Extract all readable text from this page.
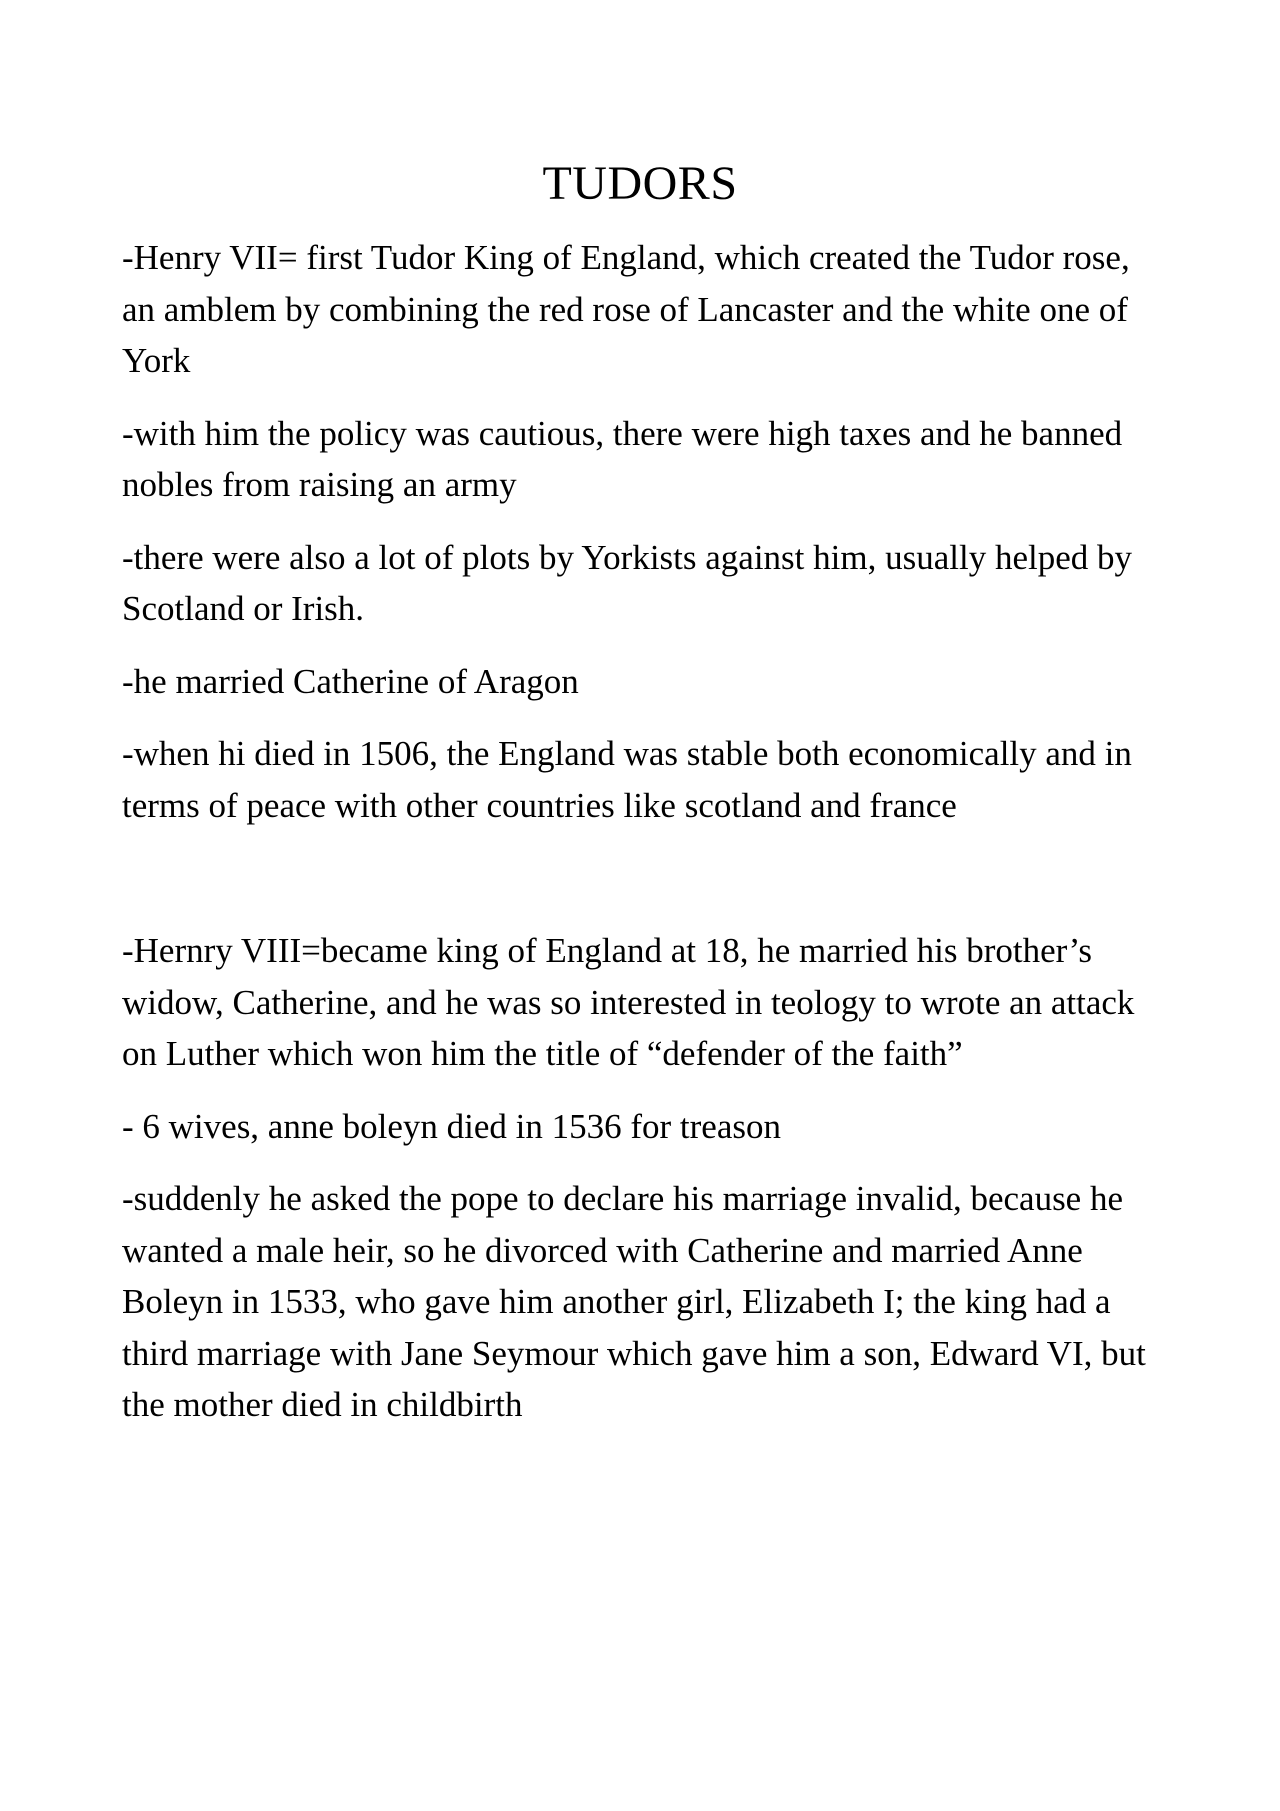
TUDORS

-Henry VII= first Tudor King of England, which created the Tudor rose, an amblem by combining the red rose of Lancaster and the white one of York

-with him the policy was cautious, there were high taxes and he banned nobles from raising an army

-there were also a lot of plots by Yorkists against him, usually helped by Scotland or Irish.

-he married Catherine of Aragon

-when hi died in 1506, the England was stable both economically and in terms of peace with other countries like scotland and france

-Hernry VIII=became king of England at 18, he married his brother’s widow, Catherine, and he was so interested in teology to wrote an attack on Luther which won him the title of “defender of the faith”

- 6 wives, anne boleyn died in 1536 for treason

-suddenly he asked the pope to declare his marriage invalid, because he wanted a male heir, so he divorced with Catherine and married Anne Boleyn in 1533, who gave him another girl, Elizabeth I; the king had a third marriage with Jane Seymour which gave him a son, Edward VI, but the mother died in childbirth
